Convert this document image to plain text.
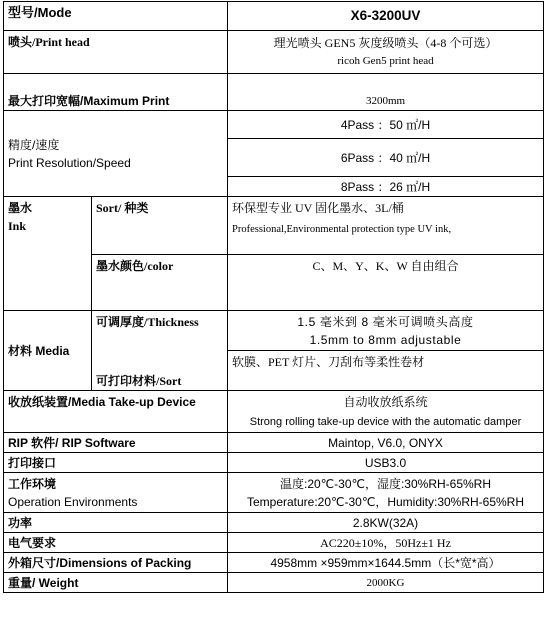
型号/Mode		X6-3200UV
喷头/Print head		理光喷头 GEN5 灰度级喷头（4-8 个可选）
ricoh Gen5 print head

最大打印宽幅/Maximum Print		3200mm

精度/速度
Print Resolution/Speed		4Pass ：50 ㎡/H
		6Pass ：40 ㎡/H
		8Pass ：26 ㎡/H

墨水
Ink	Sort/ 种类	环保型专业 UV 固化墨水、3L/桶
Professional,Environmental protection type UV ink,

	墨水颜色/color	C、M、Y、K、W 自由组合
材料 Media	可调厚度/Thickness	1.5 毫米到 8 毫米可调喷头高度
1.5mm to 8mm adjustable

	可打印材料/Sort	软膜、PET 灯片、刀刮布等柔性卷材
收放纸装置/Media Take-up Device		自动收放纸系统
Strong rolling take-up device with the automatic damper

RIP 软件/ RIP Software		Maintop, V6.0, ONYX
打印接口		USB3.0

工作环境
Operation Environments		温度:20℃-30℃，湿度:30%RH-65%RH
Temperature:20℃-30℃，Humidity:30%RH-65%RH

功率		2.8KW(32A)
电气要求		AC220±10%，50Hz±1 Hz
外箱尺寸/Dimensions of Packing		4958mm ×959mm×1644.5mm（长*宽*高）
重量/ Weight		2000KG
